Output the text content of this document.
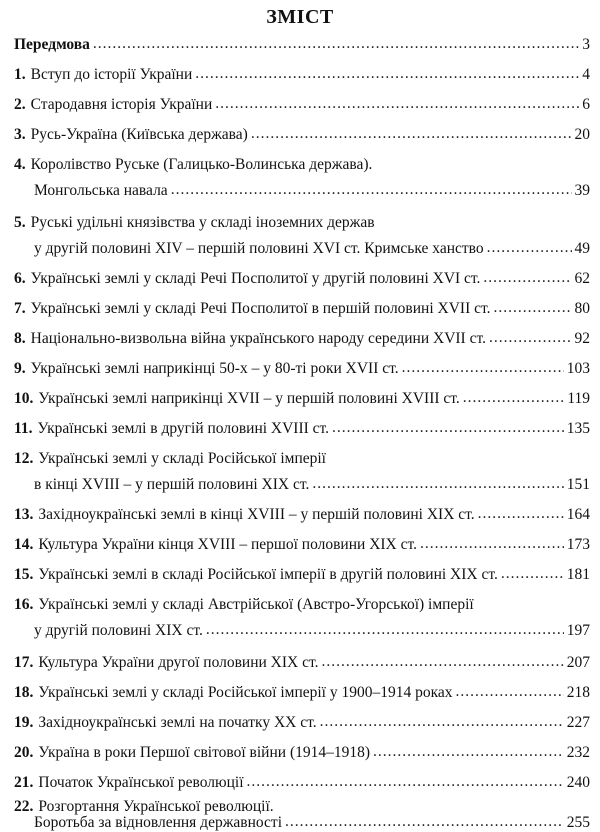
ЗМІСТ
Передмова .....	3
1. Вступ до історії України .....	4
2. Стародавня історія України .....	6
3. Русь-Україна (Київська держава) .....	20
4. Королівство Руське (Галицько-Волинська держава).
Монгольська навала .....	39
5. Руські удільні князівства у складі іноземних держав
у другій половині XIV – першій половині XVI ст. Кримське ханство .....	49
6. Українські землі у складі Речі Посполитої у другій половині XVI ст. .....	62
7. Українські землі у складі Речі Посполитої в першій половині XVII ст. .....	80
8. Національно-визвольна війна українського народу середини XVII ст. .....	92
9. Українські землі наприкінці 50-х – у 80-ті роки XVII ст. .....	103
10. Українські землі наприкінці XVII – у першій половині XVIII ст. .....	119
11. Українські землі в другій половині XVIII ст. .....	135
12. Українські землі у складі Російської імперії
в кінці XVIII – у першій половині XIX ст. .....	151
13. Західноукраїнські землі в кінці XVIII – у першій половині XIX ст. .....	164
14. Культура України кінця XVIII – першої половини XIX ст. .....	173
15. Українські землі в складі Російської імперії в другій половині XIX ст. .....	181
16. Українські землі у складі Австрійської (Австро-Угорської) імперії
у другій половині XIX ст. .....	197
17. Культура України другої половини XIX ст. .....	207
18. Українські землі у складі Російської імперії у 1900–1914 роках .....	218
19. Західноукраїнські землі на початку XX ст. .....	227
20. Україна в роки Першої світової війни (1914–1918) .....	232
21. Початок Української революції .....	240
22. Розгортання Української революції.
Боротьба за відновлення державності .....	255
